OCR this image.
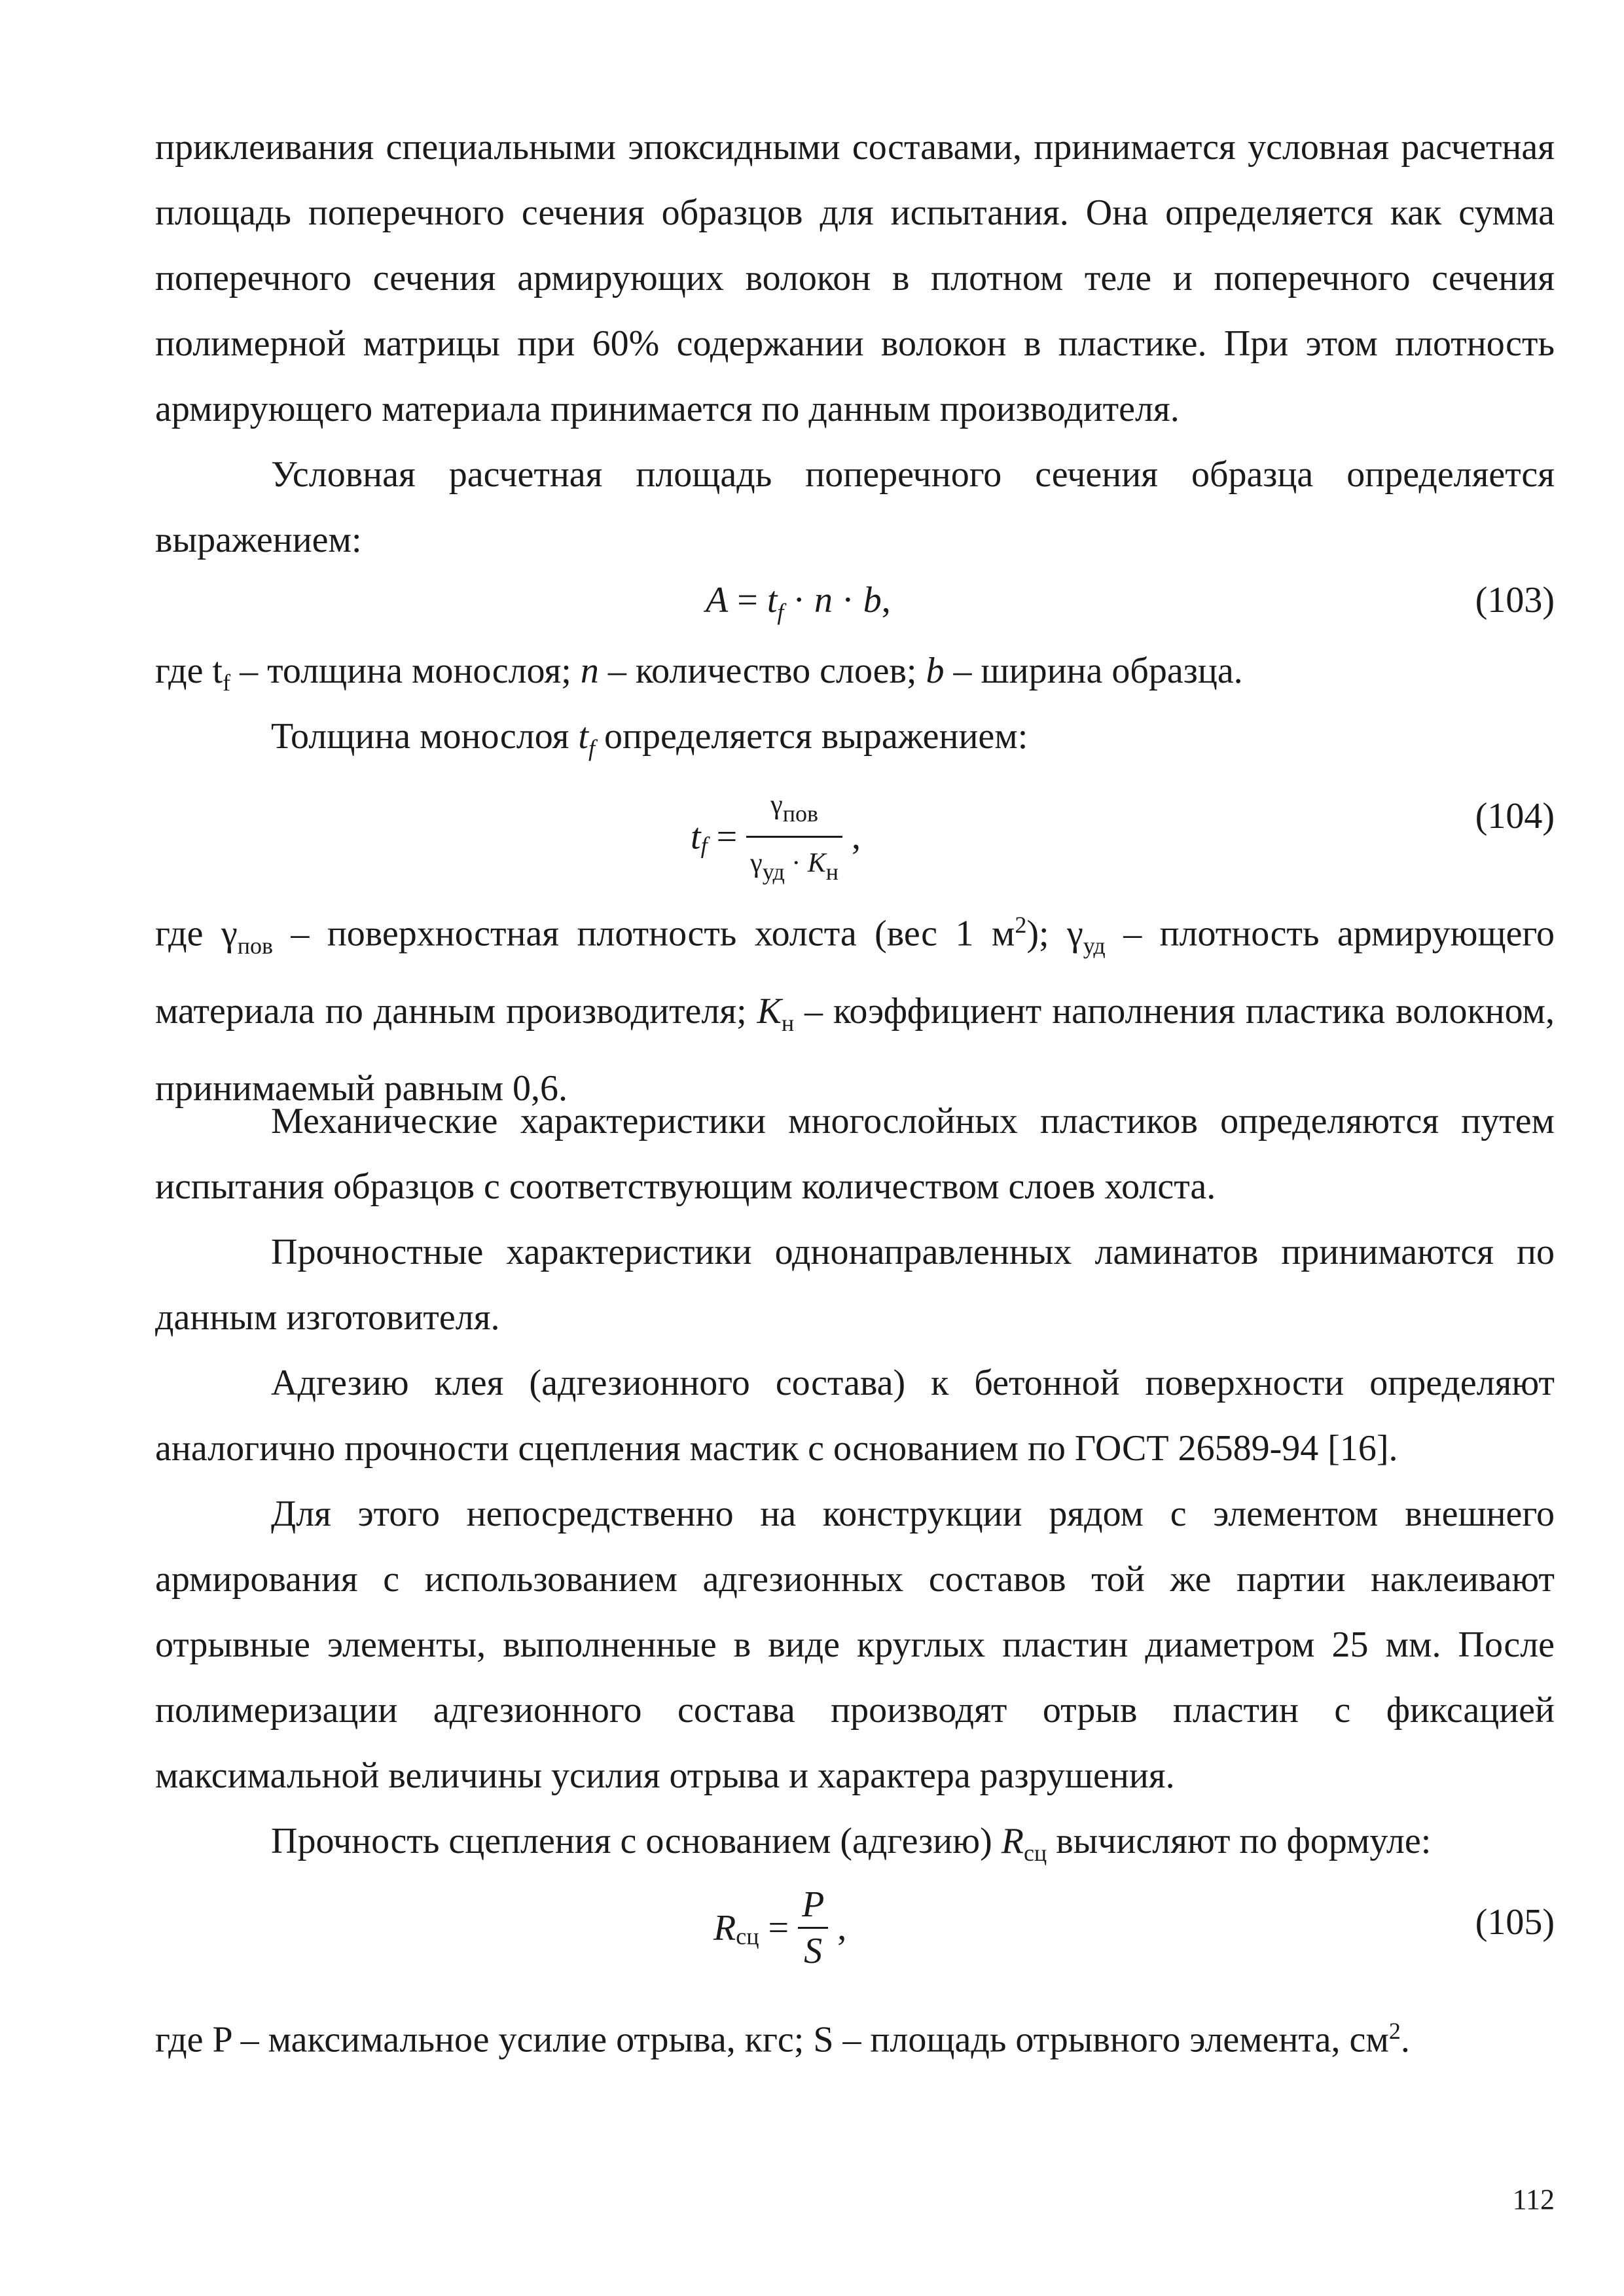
приклеивания специальными эпоксидными составами, принимается условная расчетная площадь поперечного сечения образцов для испытания. Она определяется как сумма поперечного сечения армирующих волокон в плотном теле и поперечного сечения полимерной матрицы при 60% содержании волокон в пластике. При этом плотность армирующего материала принимается по данным производителя.

Условная расчетная площадь поперечного сечения образца определяется выражением:

$A = t_f \cdot n \cdot b$,	(103)

где $t_f$ – толщина монослоя; n – количество слоев; b – ширина образца.

Толщина монослоя $t_f$ определяется выражением:

$t_f = \frac{\gamma_{пов}}{\gamma_{уд} \cdot К_н}$ ,
(104)

где $\gamma_{пов}$ – поверхностная плотность холста (вес 1 $м^2$); $\gamma_{уд}$ – плотность армирующего материала по данным производителя; $К_н$ – коэффициент наполнения пластика волокном, принимаемый равным 0,6.

Механические характеристики многослойных пластиков определяются путем испытания образцов с соответствующим количеством слоев холста.

Прочностные характеристики однонаправленных ламинатов принимаются по данным изготовителя.

Адгезию клея (адгезионного состава) к бетонной поверхности определяют аналогично прочности сцепления мастик с основанием по ГОСТ 26589-94 [16].

Для этого непосредственно на конструкции рядом с элементом внешнего армирования с использованием адгезионных составов той же партии наклеивают отрывные элементы, выполненные в виде круглых пластин диаметром 25 мм. После полимеризации адгезионного состава производят отрыв пластин с фиксацией максимальной величины усилия отрыва и характера разрушения.

Прочность сцепления с основанием (адгезию) $R_{сц}$ вычисляют по формуле:

$R_{сц} = \frac{P}{S}$ ,	(105)

где P – максимальное усилие отрыва, кгс; S – площадь отрывного элемента, $см^2$.

112
